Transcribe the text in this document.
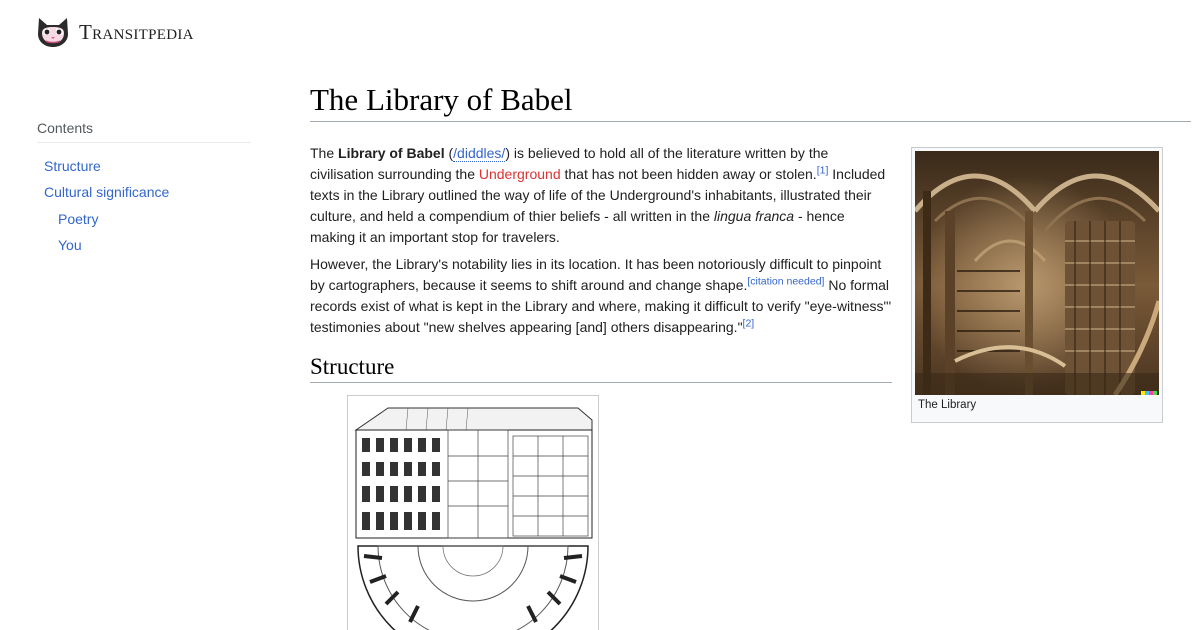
Transitpedia
Contents
Structure
Cultural significance
Poetry
You
The Library of Babel

The Library of Babel (/diddles/) is believed to hold all of the literature written by the civilisation surrounding the Underground that has not been hidden away or stolen.[1] Included texts in the Library outlined the way of life of the Underground's inhabitants, illustrated their culture, and held a compendium of thier beliefs - all written in the lingua franca - hence making it an important stop for travelers.

However, the Library's notability lies in its location. It has been notoriously difficult to pinpoint by cartographers, because it seems to shift around and change shape.[citation needed] No formal records exist of what is kept in the Library and where, making it difficult to verify "eye-witness"' testimonies about "new shelves appearing [and] others disappearing."[2]

Structure
The Library
